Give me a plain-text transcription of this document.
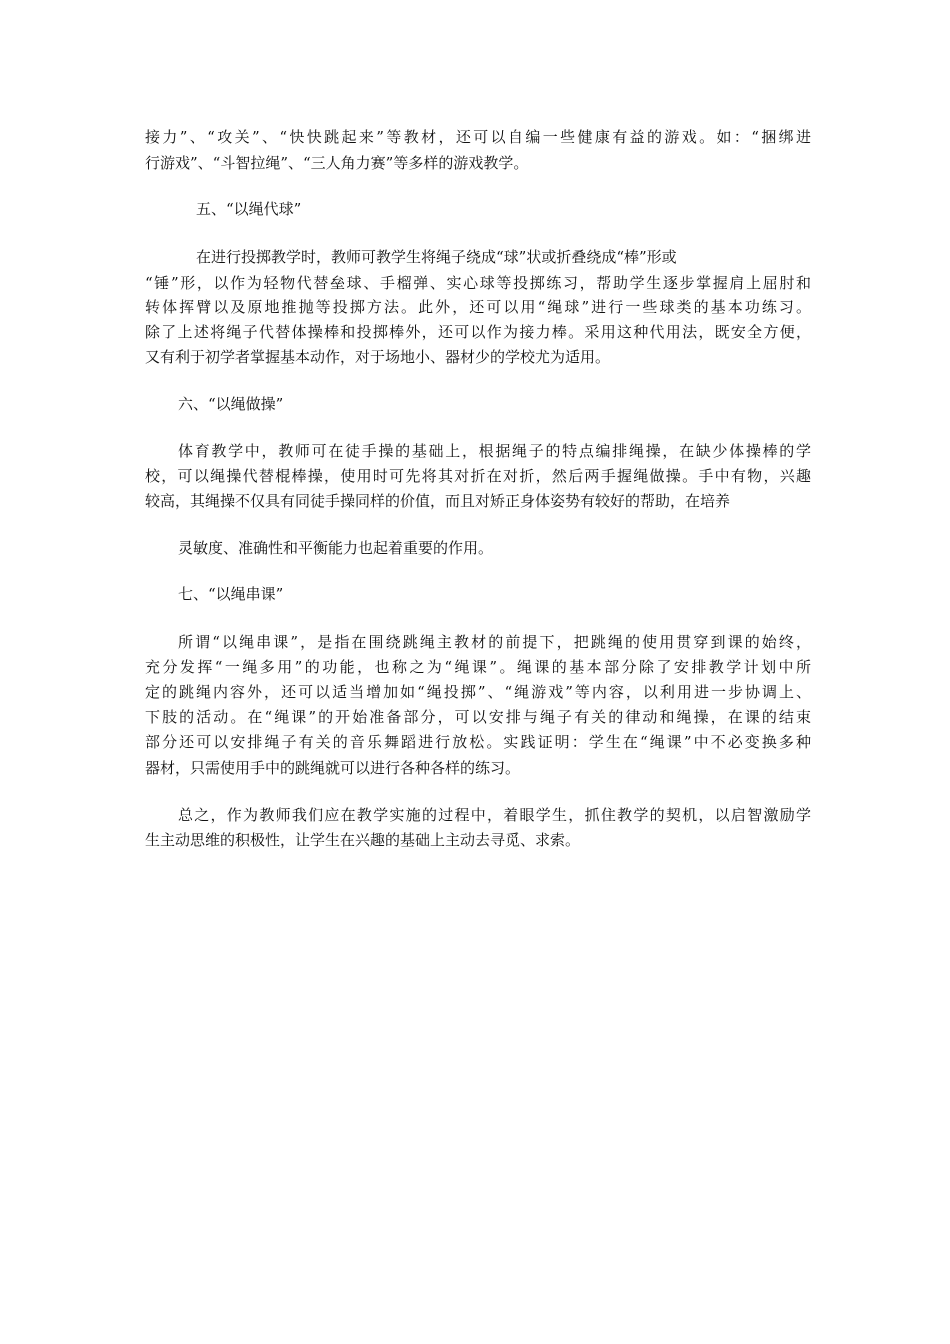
接力”、“攻关”、“快快跳起来”等教材，还可以自编一些健康有益的游戏。如：“捆绑进
行游戏”、“斗智拉绳”、“三人角力赛”等多样的游戏教学。
五、“以绳代球”
在进行投掷教学时，教师可教学生将绳子绕成“球”状或折叠绕成“棒”形或
“锤”形，以作为轻物代替垒球、手榴弹、实心球等投掷练习，帮助学生逐步掌握肩上屈肘和
转体挥臂以及原地推抛等投掷方法。此外，还可以用“绳球”进行一些球类的基本功练习。
除了上述将绳子代替体操棒和投掷棒外，还可以作为接力棒。采用这种代用法，既安全方便，
又有利于初学者掌握基本动作，对于场地小、器材少的学校尤为适用。
六、“以绳做操”
体育教学中，教师可在徒手操的基础上，根据绳子的特点编排绳操，在缺少体操棒的学
校，可以绳操代替棍棒操，使用时可先将其对折在对折，然后两手握绳做操。手中有物，兴趣
较高，其绳操不仅具有同徒手操同样的价值，而且对矫正身体姿势有较好的帮助，在培养
灵敏度、准确性和平衡能力也起着重要的作用。
七、“以绳串课”
所谓“以绳串课”，是指在围绕跳绳主教材的前提下，把跳绳的使用贯穿到课的始终，
充分发挥“一绳多用”的功能，也称之为“绳课”。绳课的基本部分除了安排教学计划中所
定的跳绳内容外，还可以适当增加如“绳投掷”、“绳游戏”等内容，以利用进一步协调上、
下肢的活动。在“绳课”的开始准备部分，可以安排与绳子有关的律动和绳操，在课的结束
部分还可以安排绳子有关的音乐舞蹈进行放松。实践证明：学生在“绳课”中不必变换多种
器材，只需使用手中的跳绳就可以进行各种各样的练习。
总之，作为教师我们应在教学实施的过程中，着眼学生，抓住教学的契机，以启智激励学
生主动思维的积极性，让学生在兴趣的基础上主动去寻觅、求索。
